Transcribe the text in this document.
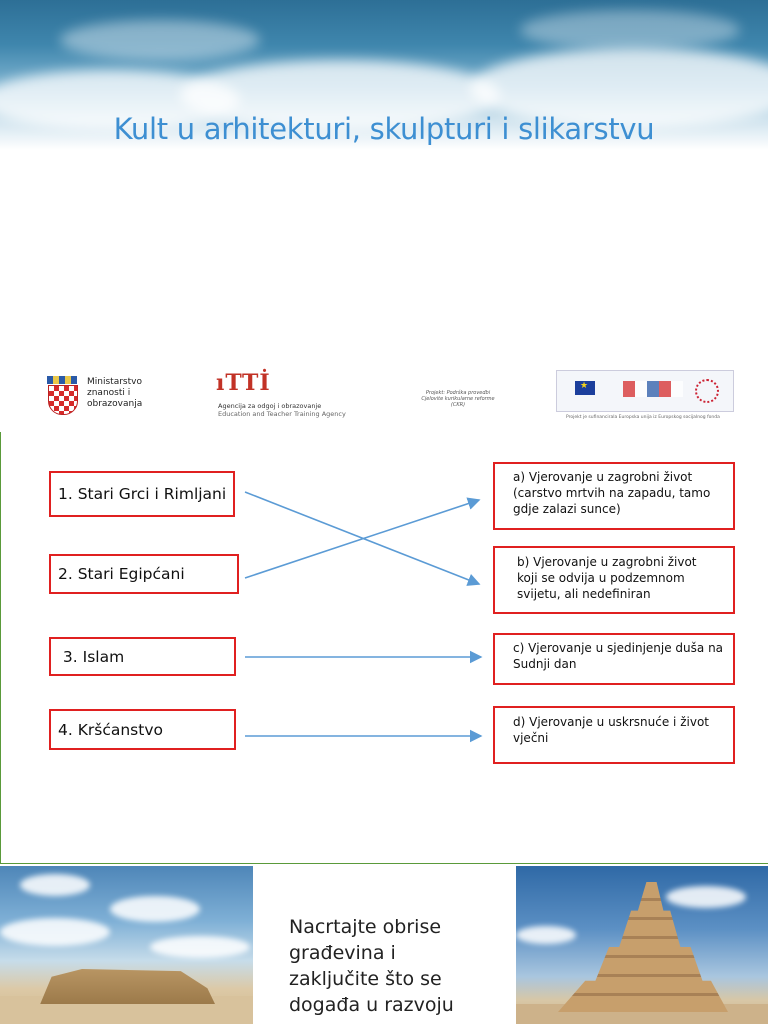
Kult u arhitekturi, skulpturi i slikarstvu
Ministarstvo
znanosti i
obrazovanja
ıTTİ
Agencija za odgoj i obrazovanje
Education and Teacher Training Agency
Projekt: Podrška provedbi
Cjelovite kurikularne reforme
(CKR)
★
Projekt je sufinancirala Europska unija iz Europskog socijalnog fonda
1. Stari Grci i Rimljani
2. Stari Egipćani
3. Islam
4. Kršćanstvo
a) Vjerovanje u zagrobni život
(carstvo mrtvih na zapadu, tamo
gdje zalazi sunce)
b) Vjerovanje u zagrobni život
koji se odvija u podzemnom
svijetu, ali nedefiniran
c) Vjerovanje u sjedinjenje duša na
Sudnji dan
d) Vjerovanje u uskrsnuće i život
vječni
Nacrtajte obrise
građevina i
zaključite što se
događa u razvoju
